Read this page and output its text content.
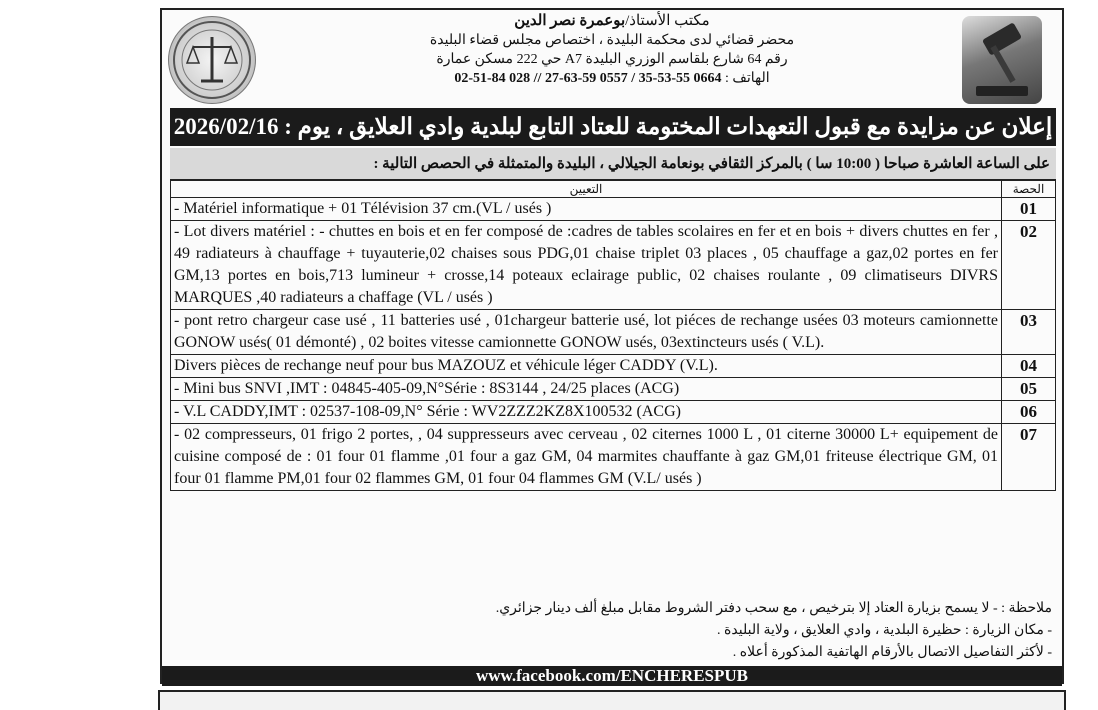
مكتب الأستاذ/بوعمرة نصر الدين
محضر قضائي لدى محكمة البليدة ، اختصاص مجلس قضاء البليدة
رقم 64 شارع بلقاسم الوزري البليدة A7 حي 222 مسكن عمارة
الهاتف : 0664 55-53-35 / 0557 59-63-27 // 028 84-51-02
إعلان عن مزايدة مع قبول التعهدات المختومة للعتاد التابع لبلدية وادي العلايق ، يوم : 2026/02/16
على الساعة العاشرة صباحا ( 10:00 سا ) بالمركز الثقافي بونعامة الجيلالي ، البليدة والمتمثلة في الحصص التالية :
التعيين	الحصة
- Matériel informatique + 01 Télévision 37 cm.(VL / usés )	01
- Lot divers matériel : - chuttes en bois et en fer composé de :cadres de tables scolaires en fer et en bois + divers chuttes en fer , 49 radiateurs à chauffage + tuyauterie,02 chaises sous PDG,01 chaise triplet 03 places , 05 chauffage a gaz,02 portes en fer GM,13 portes en bois,713 lumineur + crosse,14 poteaux eclairage public, 02 chaises roulante , 09 climatiseurs DIVRS MARQUES ,40 radiateurs a chaffage (VL / usés )	02
- pont retro chargeur case usé , 11 batteries usé , 01chargeur batterie usé, lot piéces de rechange usées 03 moteurs camionnette GONOW usés( 01 démonté) , 02 boites vitesse camionnette GONOW usés, 03extincteurs usés ( V.L).	03
Divers pièces de rechange neuf pour bus MAZOUZ et véhicule léger CADDY (V.L).	04
- Mini bus SNVI ,IMT : 04845-405-09,N°Série : 8S3144 , 24/25 places (ACG)	05
- V.L CADDY,IMT : 02537-108-09,N° Série : WV2ZZZ2KZ8X100532 (ACG)	06
- 02 compresseurs, 01 frigo 2 portes, , 04 suppresseurs avec cerveau , 02 citernes 1000 L , 01 citerne 30000 L+ equipement de cuisine composé de : 01 four 01 flamme ,01 four a gaz GM, 04 marmites chauffante à gaz GM,01 friteuse électrique GM, 01 four 01 flamme PM,01 four 02 flammes GM, 01 four 04 flammes GM (V.L/ usés )	07
ملاحظة : - لا يسمح بزيارة العتاد إلا بترخيص ، مع سحب دفتر الشروط مقابل مبلغ ألف دينار جزائري.
- مكان الزيارة : حظيرة البلدية ، وادي العلايق ، ولاية البليدة .
- لأكثر التفاصيل الاتصال بالأرقام الهاتفية المذكورة أعلاه .
www.facebook.com/ENCHERESPUB
